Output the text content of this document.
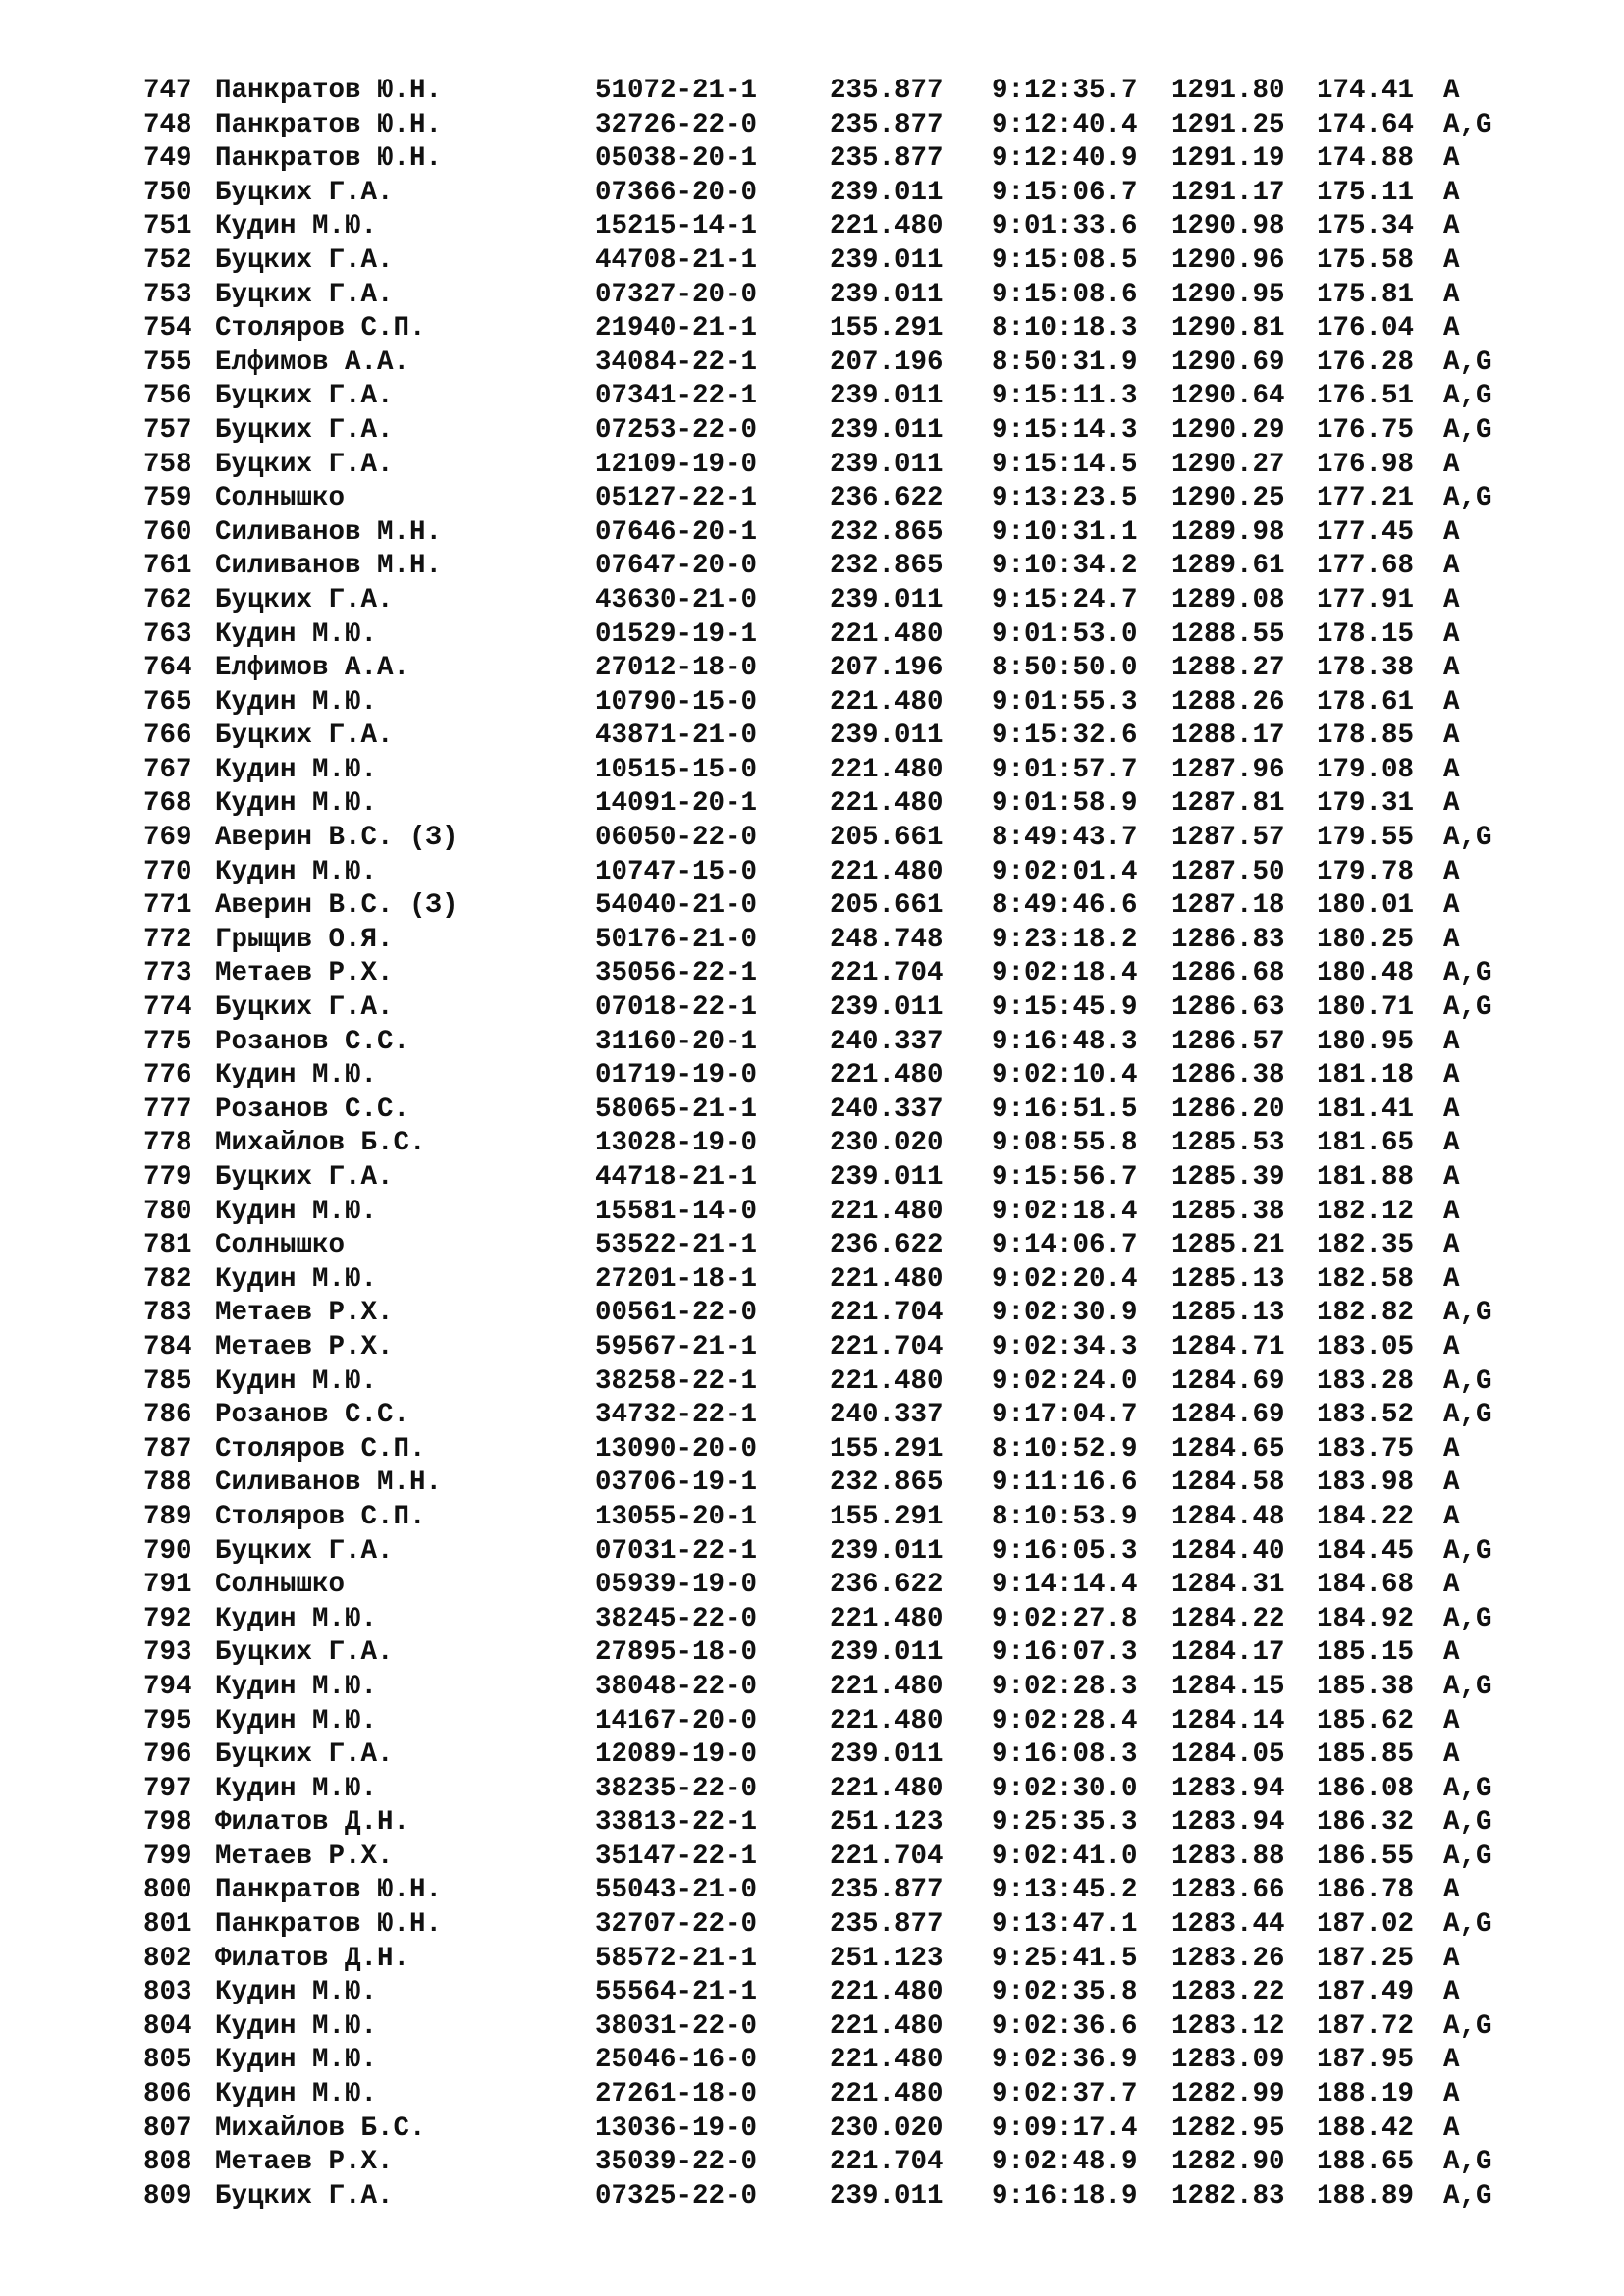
747 Панкратов Ю.Н.	51072-21-1	235.877 9:12:35.7 1291.80 174.41 A
748 Панкратов Ю.Н.	32726-22-0	235.877 9:12:40.4 1291.25 174.64 A,G
749 Панкратов Ю.Н.	05038-20-1	235.877 9:12:40.9 1291.19 174.88 A
750 Буцких Г.А.	07366-20-0	239.011 9:15:06.7 1291.17 175.11 A
751 Кудин М.Ю.	15215-14-1	221.480 9:01:33.6 1290.98 175.34 A
752 Буцких Г.А.	44708-21-1	239.011 9:15:08.5 1290.96 175.58 A
753 Буцких Г.А.	07327-20-0	239.011 9:15:08.6 1290.95 175.81 A
754 Столяров С.П.	21940-21-1	155.291 8:10:18.3 1290.81 176.04 A
755 Елфимов А.А.	34084-22-1	207.196 8:50:31.9 1290.69 176.28 A,G
756 Буцких Г.А.	07341-22-1	239.011 9:15:11.3 1290.64 176.51 A,G
757 Буцких Г.А.	07253-22-0	239.011 9:15:14.3 1290.29 176.75 A,G
758 Буцких Г.А.	12109-19-0	239.011 9:15:14.5 1290.27 176.98 A
759 Солнышко	05127-22-1	236.622 9:13:23.5 1290.25 177.21 A,G
760 Силиванов М.Н.	07646-20-1	232.865 9:10:31.1 1289.98 177.45 A
761 Силиванов М.Н.	07647-20-0	232.865 9:10:34.2 1289.61 177.68 A
762 Буцких Г.А.	43630-21-0	239.011 9:15:24.7 1289.08 177.91 A
763 Кудин М.Ю.	01529-19-1	221.480 9:01:53.0 1288.55 178.15 A
764 Елфимов А.А.	27012-18-0	207.196 8:50:50.0 1288.27 178.38 A
765 Кудин М.Ю.	10790-15-0	221.480 9:01:55.3 1288.26 178.61 A
766 Буцких Г.А.	43871-21-0	239.011 9:15:32.6 1288.17 178.85 A
767 Кудин М.Ю.	10515-15-0	221.480 9:01:57.7 1287.96 179.08 A
768 Кудин М.Ю.	14091-20-1	221.480 9:01:58.9 1287.81 179.31 A
769 Аверин В.С. (З)	06050-22-0	205.661 8:49:43.7 1287.57 179.55 A,G
770 Кудин М.Ю.	10747-15-0	221.480 9:02:01.4 1287.50 179.78 A
771 Аверин В.С. (З)	54040-21-0	205.661 8:49:46.6 1287.18 180.01 A
772 Грыщив О.Я.	50176-21-0	248.748 9:23:18.2 1286.83 180.25 A
773 Метаев Р.Х.	35056-22-1	221.704 9:02:18.4 1286.68 180.48 A,G
774 Буцких Г.А.	07018-22-1	239.011 9:15:45.9 1286.63 180.71 A,G
775 Розанов С.С.	31160-20-1	240.337 9:16:48.3 1286.57 180.95 A
776 Кудин М.Ю.	01719-19-0	221.480 9:02:10.4 1286.38 181.18 A
777 Розанов С.С.	58065-21-1	240.337 9:16:51.5 1286.20 181.41 A
778 Михайлов Б.С.	13028-19-0	230.020 9:08:55.8 1285.53 181.65 A
779 Буцких Г.А.	44718-21-1	239.011 9:15:56.7 1285.39 181.88 A
780 Кудин М.Ю.	15581-14-0	221.480 9:02:18.4 1285.38 182.12 A
781 Солнышко	53522-21-1	236.622 9:14:06.7 1285.21 182.35 A
782 Кудин М.Ю.	27201-18-1	221.480 9:02:20.4 1285.13 182.58 A
783 Метаев Р.Х.	00561-22-0	221.704 9:02:30.9 1285.13 182.82 A,G
784 Метаев Р.Х.	59567-21-1	221.704 9:02:34.3 1284.71 183.05 A
785 Кудин М.Ю.	38258-22-1	221.480 9:02:24.0 1284.69 183.28 A,G
786 Розанов С.С.	34732-22-1	240.337 9:17:04.7 1284.69 183.52 A,G
787 Столяров С.П.	13090-20-0	155.291 8:10:52.9 1284.65 183.75 A
788 Силиванов М.Н.	03706-19-1	232.865 9:11:16.6 1284.58 183.98 A
789 Столяров С.П.	13055-20-1	155.291 8:10:53.9 1284.48 184.22 A
790 Буцких Г.А.	07031-22-1	239.011 9:16:05.3 1284.40 184.45 A,G
791 Солнышко	05939-19-0	236.622 9:14:14.4 1284.31 184.68 A
792 Кудин М.Ю.	38245-22-0	221.480 9:02:27.8 1284.22 184.92 A,G
793 Буцких Г.А.	27895-18-0	239.011 9:16:07.3 1284.17 185.15 A
794 Кудин М.Ю.	38048-22-0	221.480 9:02:28.3 1284.15 185.38 A,G
795 Кудин М.Ю.	14167-20-0	221.480 9:02:28.4 1284.14 185.62 A
796 Буцких Г.А.	12089-19-0	239.011 9:16:08.3 1284.05 185.85 A
797 Кудин М.Ю.	38235-22-0	221.480 9:02:30.0 1283.94 186.08 A,G
798 Филатов Д.Н.	33813-22-1	251.123 9:25:35.3 1283.94 186.32 A,G
799 Метаев Р.Х.	35147-22-1	221.704 9:02:41.0 1283.88 186.55 A,G
800 Панкратов Ю.Н.	55043-21-0	235.877 9:13:45.2 1283.66 186.78 A
801 Панкратов Ю.Н.	32707-22-0	235.877 9:13:47.1 1283.44 187.02 A,G
802 Филатов Д.Н.	58572-21-1	251.123 9:25:41.5 1283.26 187.25 A
803 Кудин М.Ю.	55564-21-1	221.480 9:02:35.8 1283.22 187.49 A
804 Кудин М.Ю.	38031-22-0	221.480 9:02:36.6 1283.12 187.72 A,G
805 Кудин М.Ю.	25046-16-0	221.480 9:02:36.9 1283.09 187.95 A
806 Кудин М.Ю.	27261-18-0	221.480 9:02:37.7 1282.99 188.19 A
807 Михайлов Б.С.	13036-19-0	230.020 9:09:17.4 1282.95 188.42 A
808 Метаев Р.Х.	35039-22-0	221.704 9:02:48.9 1282.90 188.65 A,G
809 Буцких Г.А.	07325-22-0	239.011 9:16:18.9 1282.83 188.89 A,G
